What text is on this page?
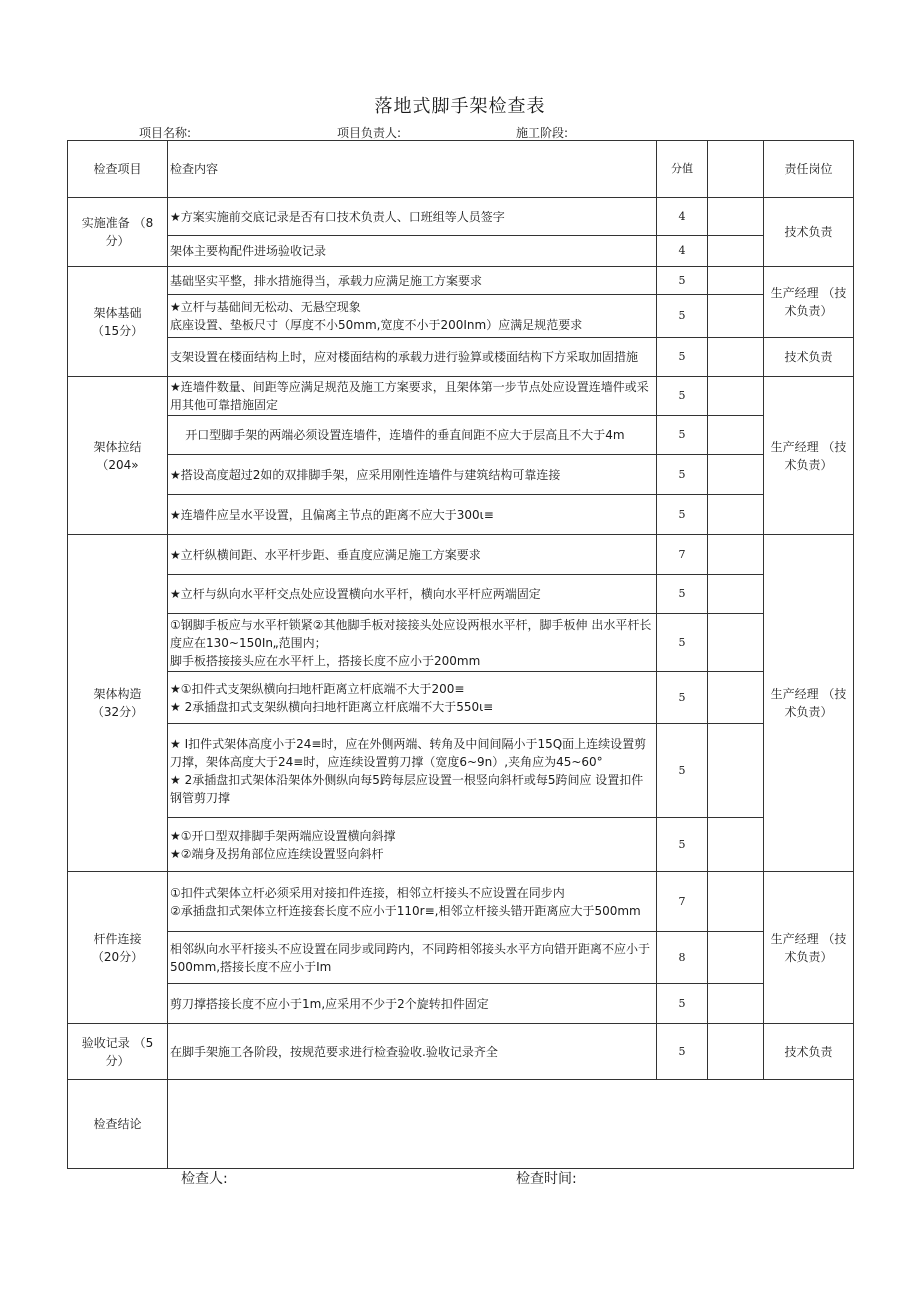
落地式脚手架检查表
项目名称:	项目负责人:	施工阶段:
检查项目	检查内容	分值		责任岗位
实施准备 （8分）	★方案实施前交底记录是否有口技术负责人、口班组等人员签字	4		技术负责
	架体主要构配件进场验收记录	4		
架体基础 （15分）	基础坚实平整，排水措施得当，承载力应满足施工方案要求	5		生产经理 （技术负责）
	★立杆与基础间无松动、无悬空现象
底座设置、垫板尺寸（厚度不小50mm,宽度不小于200Inm）应满足规范要求	5		
	支架设置在楼面结构上时，应对楼面结构的承载力进行验算或楼面结构下方采取加固措施	5		技术负责
架体拉结 （204»	★连墙件数量、间距等应满足规范及施工方案要求，且架体第一步节点处应设置连墙件或采用其他可靠措施固定	5		生产经理 （技术负责）
	开口型脚手架的两端必须设置连墙件，连墙件的垂直间距不应大于层高且不大于4m	5		
	★搭设高度超过2如的双排脚手架，应采用刚性连墙件与建筑结构可靠连接	5		
	★连墙件应呈水平设置，且偏离主节点的距离不应大于300ι≡	5		
架体构造 （32分）	★立杆纵横间距、水平杆步距、垂直度应满足施工方案要求	7		生产经理 （技术负责）
	★立杆与纵向水平杆交点处应设置横向水平杆，横向水平杆应两端固定	5		
	①钢脚手板应与水平杆锁紧②其他脚手板对接接头处应设两根水平杆，脚手板伸 出水平杆长度应在130~150In„范围内；
脚手板搭接接头应在水平杆上，搭接长度不应小于200mm	5		
	★①扣件式支架纵横向扫地杆距离立杆底端不大于200≡
★ 2承插盘扣式支架纵横向扫地杆距离立杆底端不大于550ι≡	5		
	★ I扣件式架体高度小于24≡时，应在外侧两端、转角及中间间隔小于15Q面上连续设置剪刀撑，架体高度大于24≡时，应连续设置剪刀撑（宽度6~9n）,夹角应为45~60°
★ 2承插盘扣式架体沿架体外侧纵向每5跨每层应设置一根竖向斜杆或每5跨间应 设置扣件钢管剪刀撑	5		
	★①开口型双排脚手架两端应设置横向斜撑
★②端身及拐角部位应连续设置竖向斜杆	5		
杆件连接 （20分）	①扣件式架体立杆必须采用对接扣件连接，相邻立杆接头不应设置在同步内
②承插盘扣式架体立杆连接套长度不应小于110r≡,相邻立杆接头错开距离应大于500mm	7		生产经理 （技术负责）
	相邻纵向水平杆接头不应设置在同步或同跨内，不同跨相邻接头水平方向错开距离不应小于500mm,搭接长度不应小于Im	8		
	剪刀撑搭接长度不应小于1m,应采用不少于2个旋转扣件固定	5		
验收记录 （5分）	在脚手架施工各阶段，按规范要求进行检查验收.验收记录齐全	5		技术负责
检查结论				
检查人:	检查时间:
